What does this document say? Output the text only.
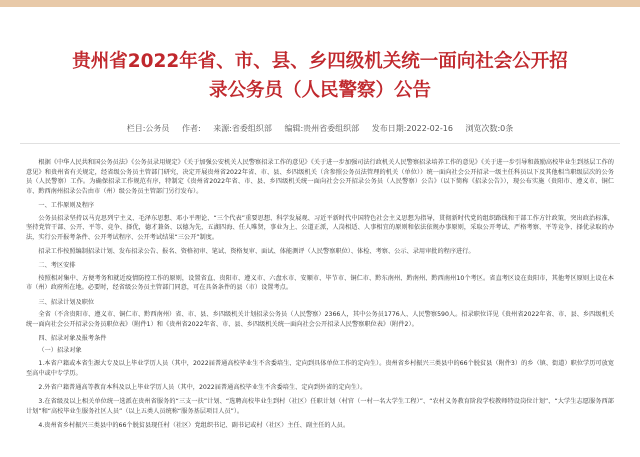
贵州省2022年省、市、县、乡四级机关统一面向社会公开招
录公务员（人民警察）公告
栏目:公务员 作者: 来源:省委组织部 编辑:贵州省委组织部 发布日期:2022-02-16 浏览次数:0条

根据《中华人民共和国公务员法》《公务员录用规定》《关于加强公安机关人民警察招录工作的意见》《关于进一步加强司法行政机关人民警察招录培养工作的意见》《关于进一步引导和鼓励高校毕业生到基层工作的意见》和贵州省有关规定，经省级公务员主管部门研究，决定开展贵州省2022年省、市、县、乡四级机关（含参照公务员法管理的机关（单位））统一面向社会公开招录一级主任科员以下及其他相当职级层次的公务员（人民警察）工作。为确保招录工作规范有序，特制定《贵州省2022年省、市、县、乡四级机关统一面向社会公开招录公务员（人民警察）公告》（以下简称《招录公告》），现公布实施（贵阳市、遵义市、铜仁市、黔西南州招录公告由市（州）级公务员主管部门另行发布）。

一、工作原则及程序

公务员招录坚持以马克思列宁主义、毛泽东思想、邓小平理论、“三个代表”重要思想、科学发展观、习近平新时代中国特色社会主义思想为指导，贯彻新时代党的组织路线和干部工作方针政策，突出政治标准，坚持党管干部、公开、平等、竞争、择优，德才兼备、以德为先，五湖四海、任人唯贤，事业为上、公道正派，人岗相适、人事相宜的原则和依法依规办事原则，采取公开考试、严格考察、平等竞争、择优录取的办法，实行公开报考条件、公开考试程序、公开考试结果“三公开”制度。

招录工作按照编制招录计划、发布招录公告、报名、资格初审、笔试、资格复审、面试、体能测评（人民警察职位）、体检、考察、公示、录用审批的程序进行。

二、考区安排

按照相对集中、方便考务和就近疫情防控工作的原则，设置省直、贵阳市、遵义市、六盘水市、安顺市、毕节市、铜仁市、黔东南州、黔南州、黔西南州10个考区。省直考区设在贵阳市，其他考区原则上设在本市（州）政府所在地。必要时，经省级公务员主管部门同意，可在具备条件的县（市）设置考点。

三、招录计划及职位

全省（不含贵阳市、遵义市、铜仁市、黔西南州）省、市、县、乡四级机关计划招录公务员（人民警察）2366人，其中公务员1776人、人民警察590人。招录职位详见《贵州省2022年省、市、县、乡四级机关统一面向社会公开招录公务员职位表》（附件1）和《贵州省2022年省、市、县、乡四级机关统一面向社会公开招录人民警察职位表》（附件2）。

四、招录对象及报考条件

（一）招录对象

1.本省户籍或本省生源大专及以上毕业学历人员（其中，2022届普通高校毕业生不含委培生、定向到具体单位工作的定向生）。贵州省乡村振兴三类县中的66个脱贫县（附件3）的乡（镇、街道）职位学历可放宽至高中或中专学历。

2.外省户籍普通高等教育本科及以上毕业学历人员（其中，2022届普通高校毕业生不含委培生、定向到外省的定向生）。

3.在省级及以上相关单位统一选派在贵州省服务的“三支一扶”计划、“选聘高校毕业生到村（社区）任职计划（村官（一村一名大学生工程）”、“农村义务教育阶段学校教师特设岗位计划”、“大学生志愿服务西部计划”和“高校毕业生服务社区人员”（以上五类人员统称“服务基层项目人员”）。

4.贵州省乡村振兴三类县中的66个脱贫县现任村（社区）党组织书记、副书记或村（社区）主任、副主任的人员。
